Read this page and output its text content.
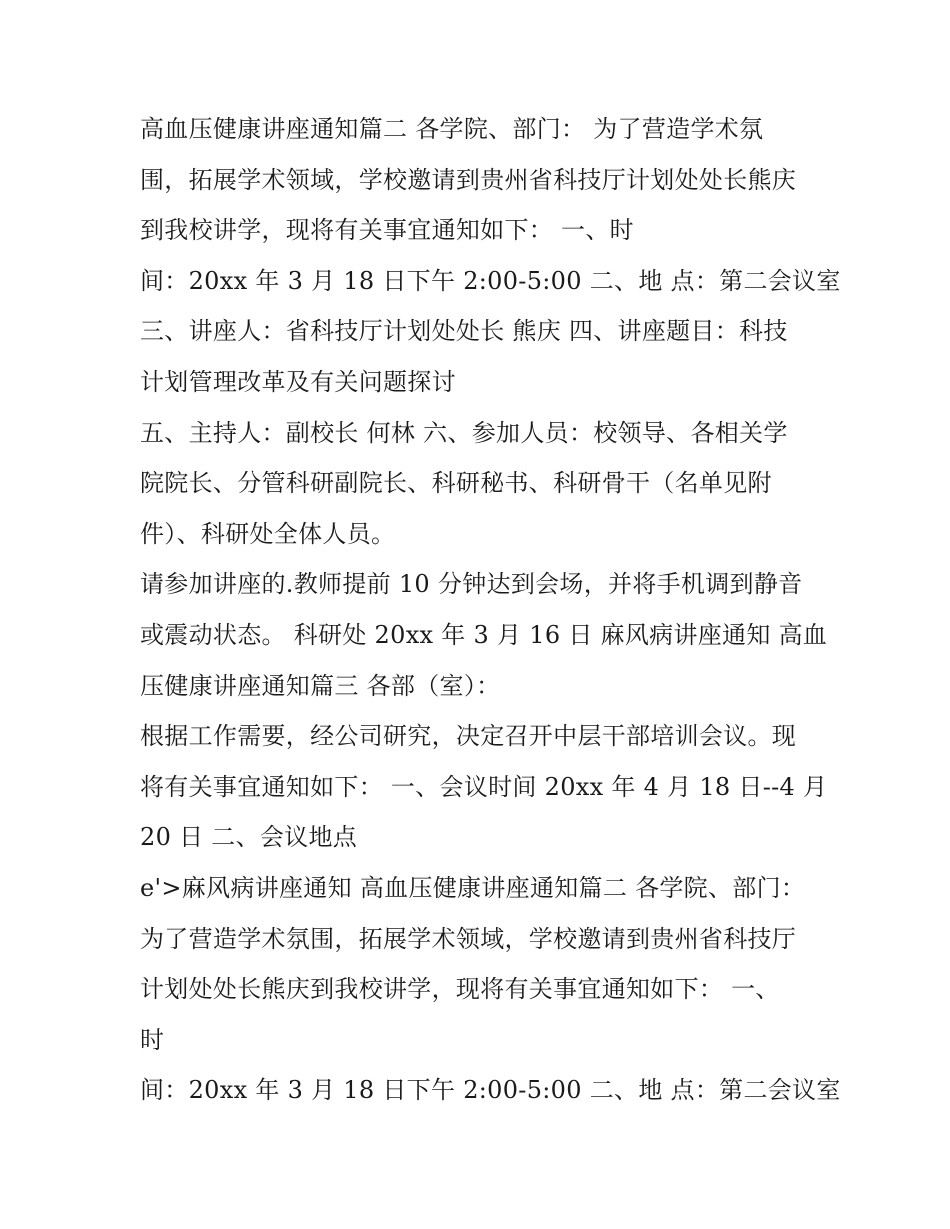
高血压健康讲座通知篇二 各学院、部门： 为了营造学术氛
围，拓展学术领域，学校邀请到贵州省科技厅计划处处长熊庆
到我校讲学，现将有关事宜通知如下： 一、时
间：20xx 年 3 月 18 日下午 2:00-5:00 二、地 点：第二会议室
三、讲座人：省科技厅计划处处长 熊庆 四、讲座题目：科技
计划管理改革及有关问题探讨
五、主持人：副校长 何林 六、参加人员：校领导、各相关学
院院长、分管科研副院长、科研秘书、科研骨干（名单见附
件）、科研处全体人员。
请参加讲座的.教师提前 10 分钟达到会场，并将手机调到静音
或震动状态。 科研处 20xx 年 3 月 16 日 麻风病讲座通知 高血
压健康讲座通知篇三 各部（室）：
根据工作需要，经公司研究，决定召开中层干部培训会议。现
将有关事宜通知如下： 一、会议时间 20xx 年 4 月 18 日--4 月
20 日 二、会议地点
e'>麻风病讲座通知 高血压健康讲座通知篇二 各学院、部门：
为了营造学术氛围，拓展学术领域，学校邀请到贵州省科技厅
计划处处长熊庆到我校讲学，现将有关事宜通知如下： 一、
时
间：20xx 年 3 月 18 日下午 2:00-5:00 二、地 点：第二会议室
